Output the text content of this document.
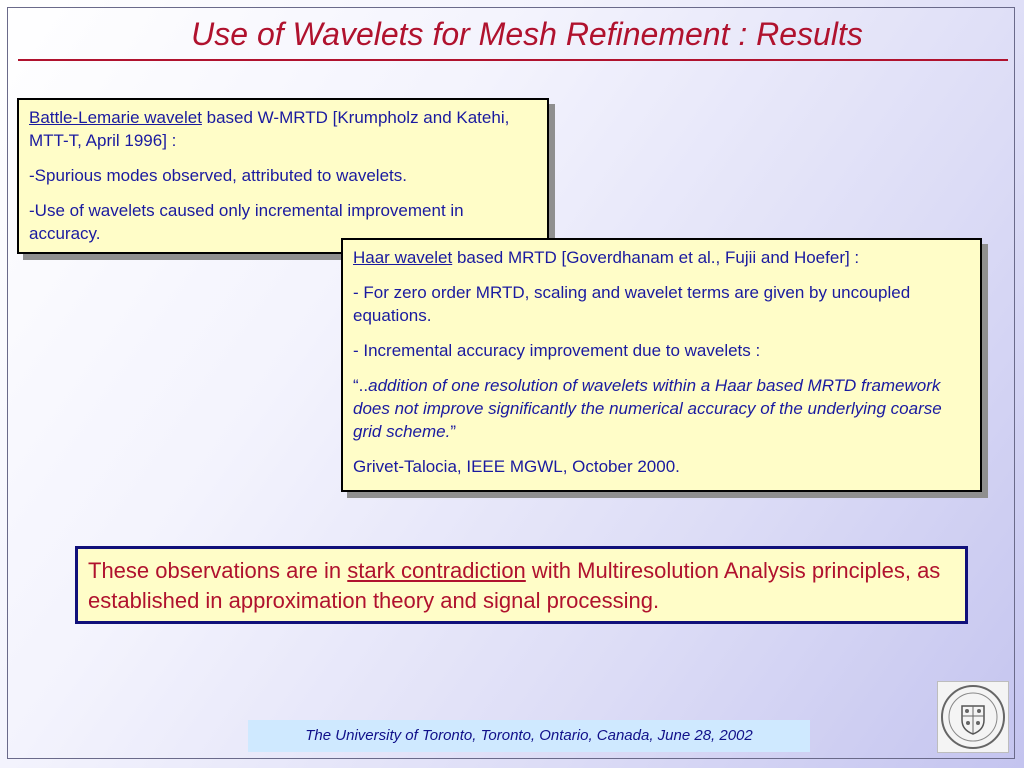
Use of Wavelets for Mesh Refinement : Results

Battle-Lemarie wavelet based W-MRTD [Krumpholz and Katehi, MTT-T, April 1996] :

-Spurious modes observed, attributed to wavelets.

-Use of wavelets caused only incremental improvement in accuracy.

Haar wavelet based MRTD [Goverdhanam et al., Fujii and Hoefer] :

- For zero order MRTD, scaling and wavelet terms are given by uncoupled equations.

- Incremental accuracy improvement due to wavelets :

“..addition of one resolution of wavelets within a Haar based MRTD framework does not improve significantly the numerical accuracy of the underlying coarse grid scheme.”

Grivet-Talocia, IEEE MGWL, October 2000.

These observations are in stark contradiction with Multiresolution Analysis principles, as established in approximation theory and signal processing.
The University of Toronto, Toronto, Ontario, Canada, June 28, 2002
